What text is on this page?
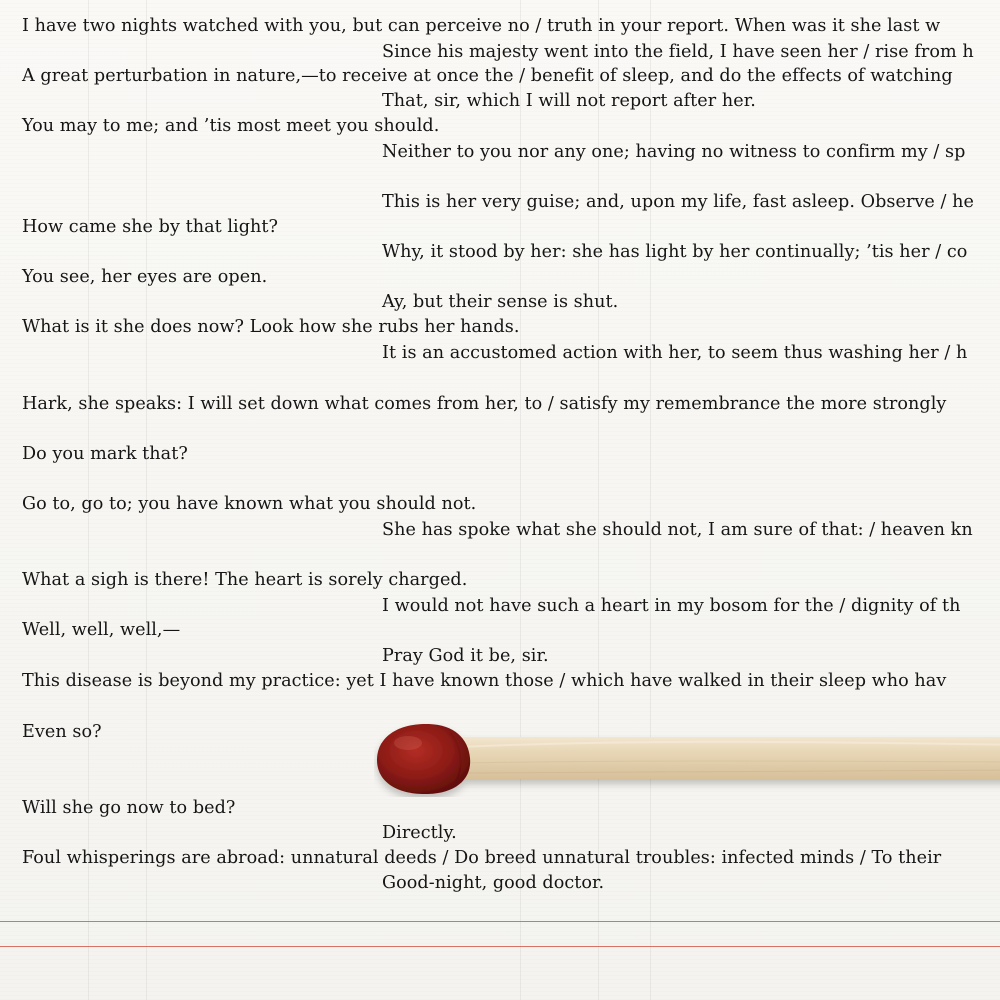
I have two nights watched with you, but can perceive no / truth in your report. When was it she last w
Since his majesty went into the field, I have seen her / rise from h
A great perturbation in nature,—to receive at once the / benefit of sleep, and do the effects of watching
That, sir, which I will not report after her.
You may to me; and ’tis most meet you should.
Neither to you nor any one; having no witness to confirm my / sp
This is her very guise; and, upon my life, fast asleep. Observe / he
How came she by that light?
Why, it stood by her: she has light by her continually; ’tis her / co
You see, her eyes are open.
Ay, but their sense is shut.
What is it she does now? Look how she rubs her hands.
It is an accustomed action with her, to seem thus washing her / h
Hark, she speaks: I will set down what comes from her, to / satisfy my remembrance the more strongly
Do you mark that?
Go to, go to; you have known what you should not.
She has spoke what she should not, I am sure of that: / heaven kn
What a sigh is there! The heart is sorely charged.
I would not have such a heart in my bosom for the / dignity of th
Well, well, well,—
Pray God it be, sir.
This disease is beyond my practice: yet I have known those / which have walked in their sleep who hav
Even so?
Will she go now to bed?
Directly.
Foul whisperings are abroad: unnatural deeds / Do breed unnatural troubles: infected minds / To their
Good-night, good doctor.
